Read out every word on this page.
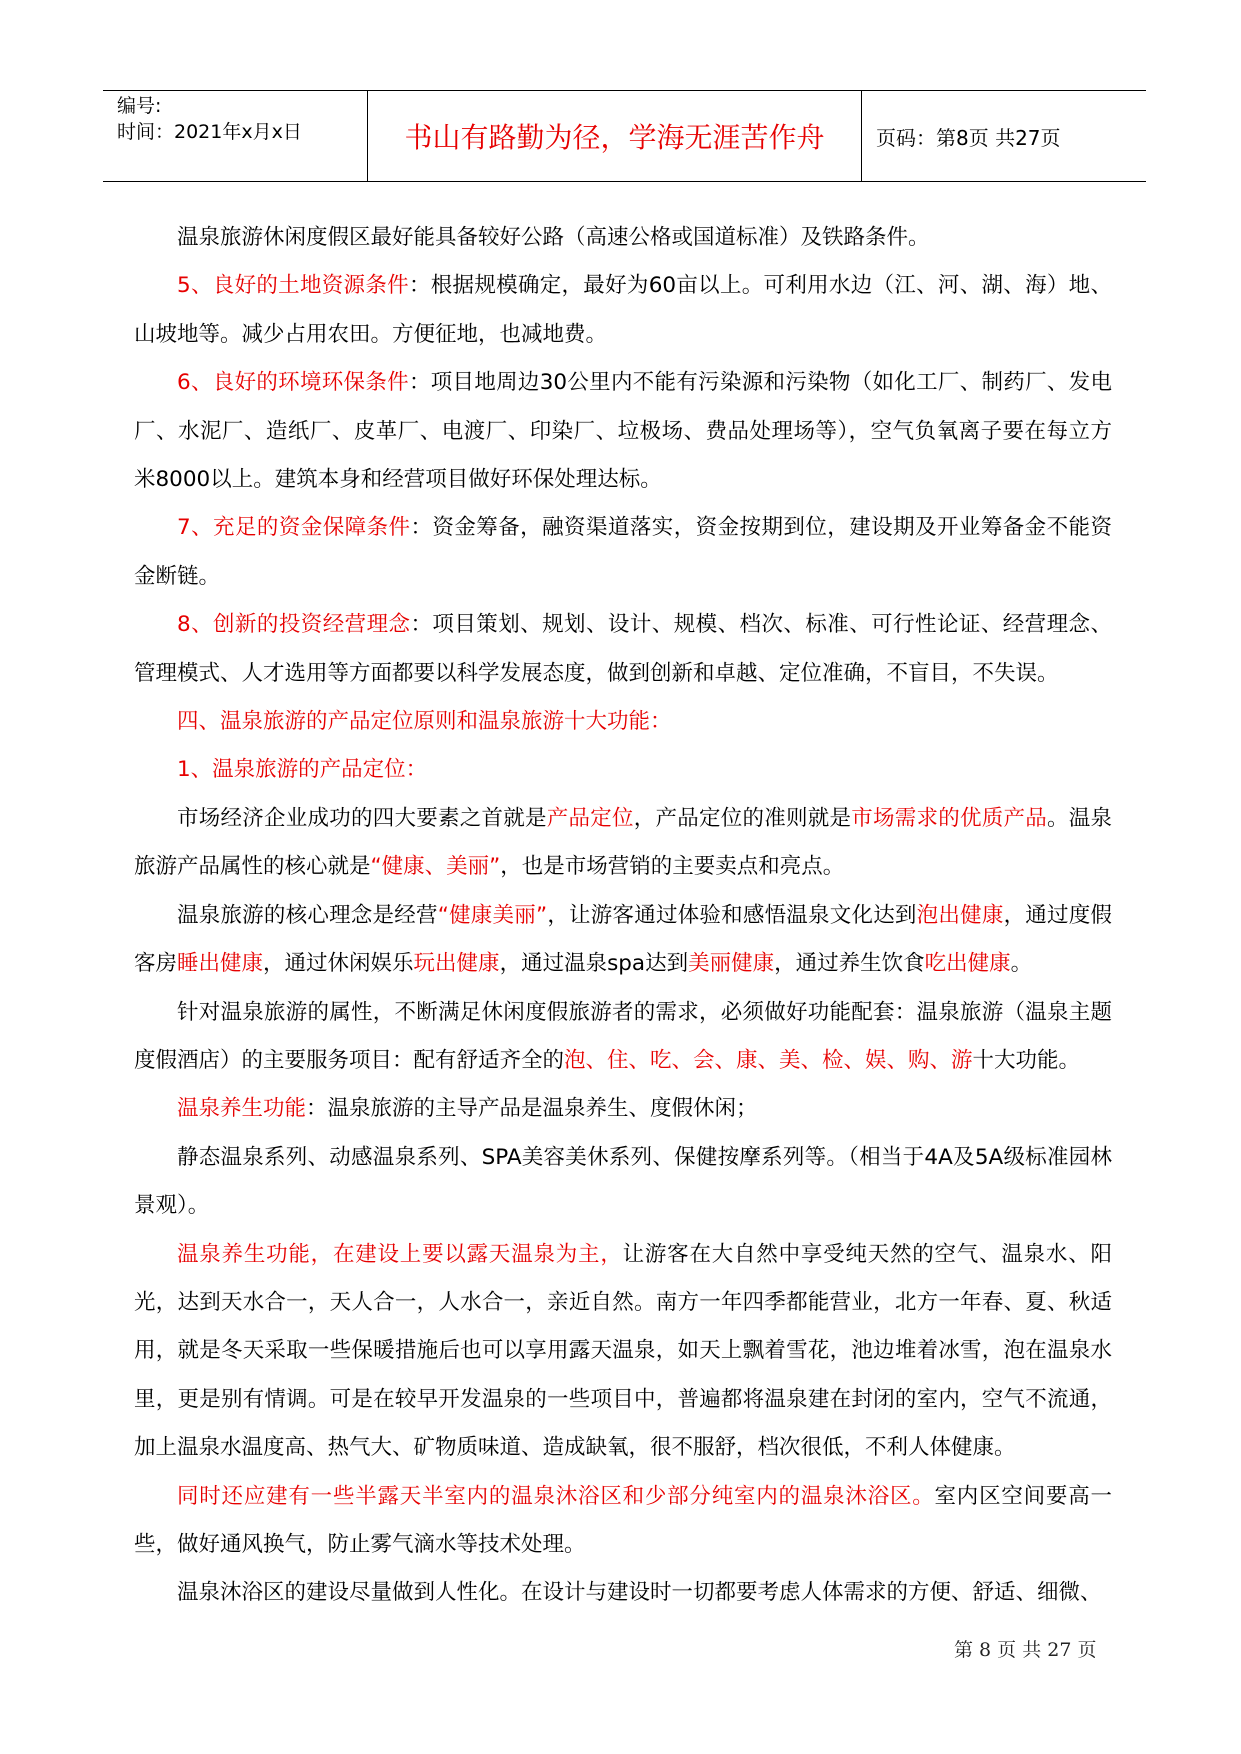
编号:
时间：2021年x月x日	书山有路勤为径，学海无涯苦作舟	页码：第8页 共27页

温泉旅游休闲度假区最好能具备较好公路（高速公格或国道标准）及铁路条件。

5、良好的土地资源条件：根据规模确定，最好为60亩以上。可利用水边（江、河、湖、海）地、山坡地等。减少占用农田。方便征地，也减地费。

6、良好的环境环保条件：项目地周边30公里内不能有污染源和污染物（如化工厂、制药厂、发电厂、水泥厂、造纸厂、皮革厂、电渡厂、印染厂、垃极场、费品处理场等），空气负氧离子要在每立方米8000以上。建筑本身和经营项目做好环保处理达标。

7、充足的资金保障条件：资金筹备，融资渠道落实，资金按期到位，建设期及开业筹备金不能资金断链。

8、创新的投资经营理念：项目策划、规划、设计、规模、档次、标准、可行性论证、经营理念、管理模式、人才选用等方面都要以科学发展态度，做到创新和卓越、定位准确，不盲目，不失误。

四、温泉旅游的产品定位原则和温泉旅游十大功能：

1、温泉旅游的产品定位：

市场经济企业成功的四大要素之首就是产品定位，产品定位的准则就是市场需求的优质产品。温泉旅游产品属性的核心就是“健康、美丽”，也是市场营销的主要卖点和亮点。

温泉旅游的核心理念是经营“健康美丽”，让游客通过体验和感悟温泉文化达到泡出健康，通过度假客房睡出健康，通过休闲娱乐玩出健康，通过温泉spa达到美丽健康，通过养生饮食吃出健康。

针对温泉旅游的属性，不断满足休闲度假旅游者的需求，必须做好功能配套：温泉旅游（温泉主题度假酒店）的主要服务项目：配有舒适齐全的泡、住、吃、会、康、美、检、娱、购、游十大功能。

温泉养生功能：温泉旅游的主导产品是温泉养生、度假休闲；

静态温泉系列、动感温泉系列、SPA美容美休系列、保健按摩系列等。（相当于4A及5A级标准园林景观）。

温泉养生功能，在建设上要以露天温泉为主，让游客在大自然中享受纯天然的空气、温泉水、阳光，达到天水合一，天人合一，人水合一，亲近自然。南方一年四季都能营业，北方一年春、夏、秋适用，就是冬天采取一些保暖措施后也可以享用露天温泉，如天上飘着雪花，池边堆着冰雪，泡在温泉水里，更是别有情调。可是在较早开发温泉的一些项目中，普遍都将温泉建在封闭的室内，空气不流通，加上温泉水温度高、热气大、矿物质味道、造成缺氧，很不服舒，档次很低，不利人体健康。

同时还应建有一些半露天半室内的温泉沐浴区和少部分纯室内的温泉沐浴区。室内区空间要高一些，做好通风换气，防止雾气滴水等技术处理。

温泉沐浴区的建设尽量做到人性化。在设计与建设时一切都要考虑人体需求的方便、舒适、细微、

第 8 页 共 27 页
